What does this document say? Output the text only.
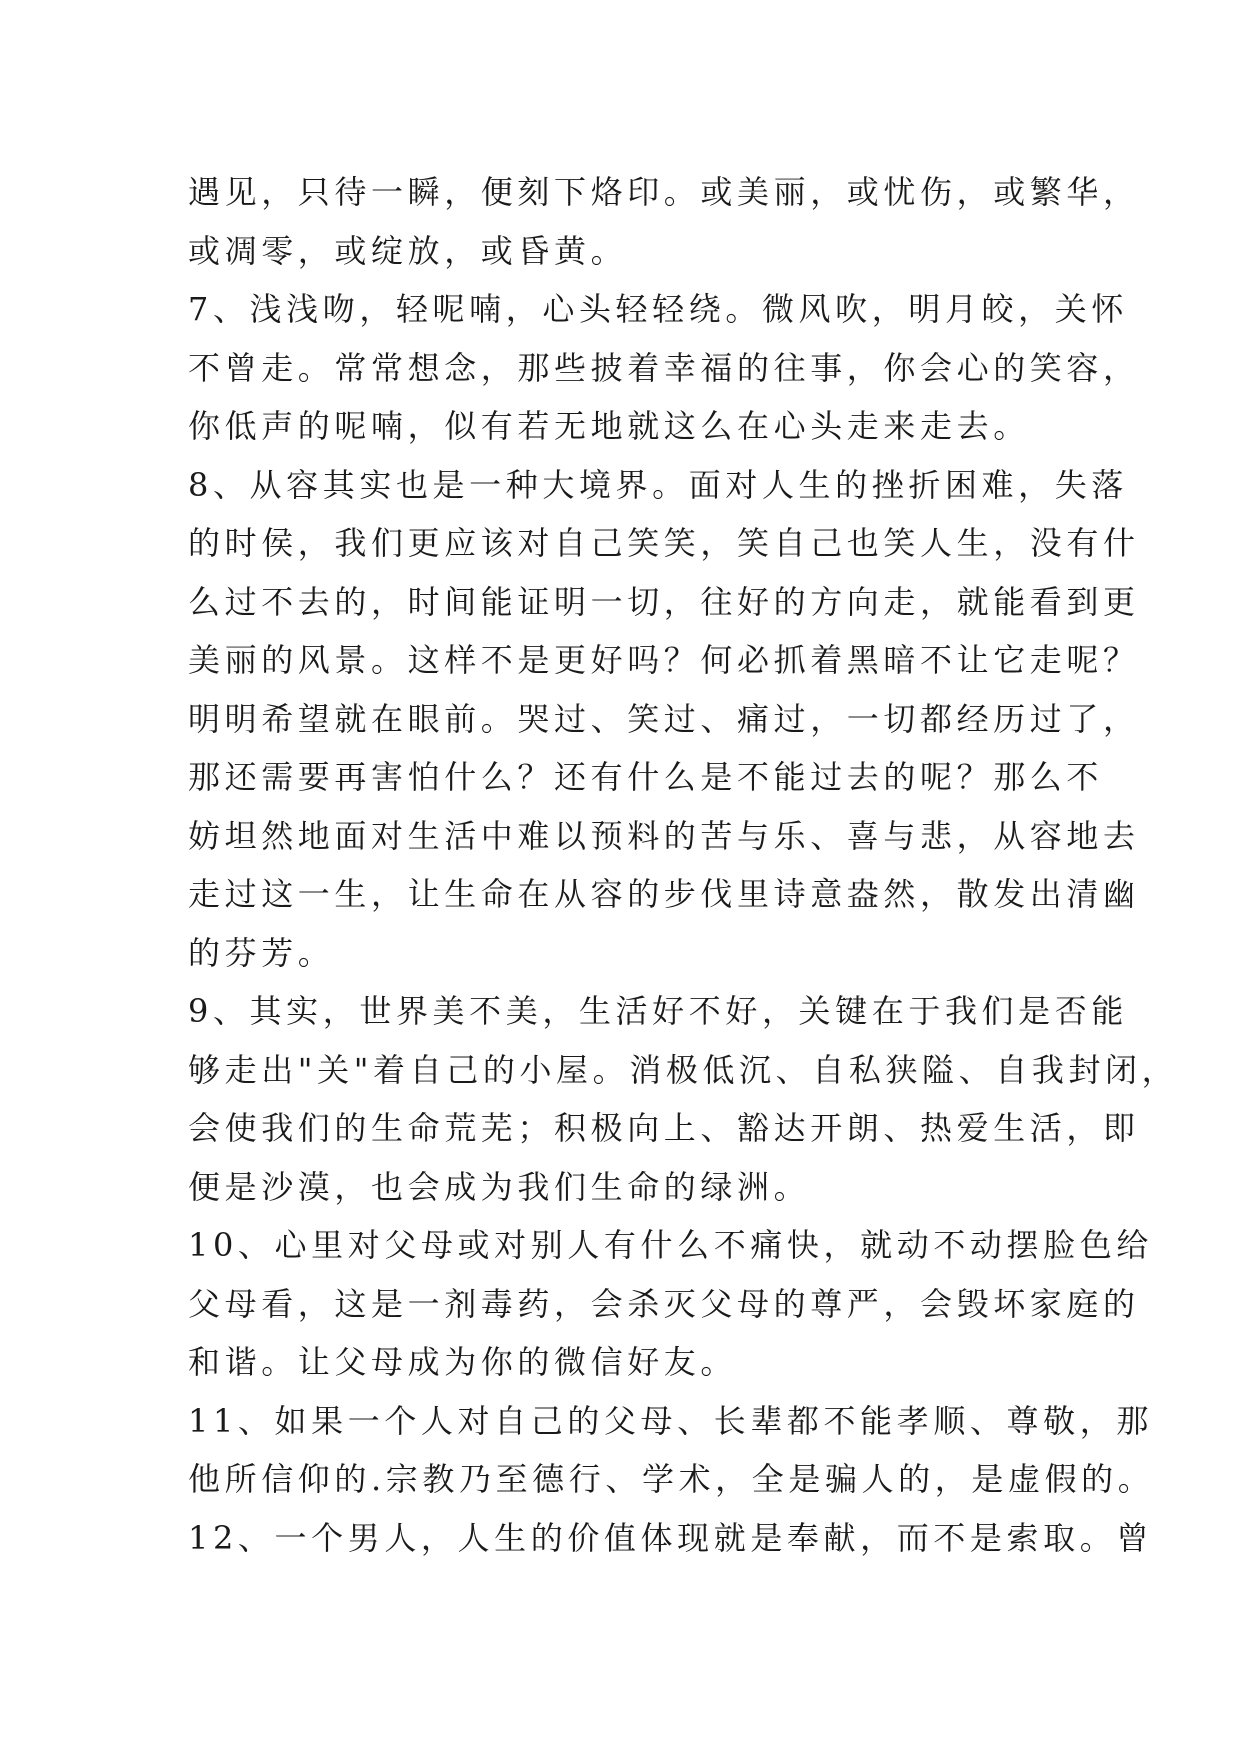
遇见，只待一瞬，便刻下烙印。或美丽，或忧伤，或繁华，
或凋零，或绽放，或昏黄。
7、浅浅吻，轻呢喃，心头轻轻绕。微风吹，明月皎，关怀
不曾走。常常想念，那些披着幸福的往事，你会心的笑容，
你低声的呢喃，似有若无地就这么在心头走来走去。
8、从容其实也是一种大境界。面对人生的挫折困难，失落
的时侯，我们更应该对自己笑笑，笑自己也笑人生，没有什
么过不去的，时间能证明一切，往好的方向走，就能看到更
美丽的风景。这样不是更好吗？何必抓着黑暗不让它走呢？
明明希望就在眼前。哭过、笑过、痛过，一切都经历过了，
那还需要再害怕什么？还有什么是不能过去的呢？那么不
妨坦然地面对生活中难以预料的苦与乐、喜与悲，从容地去
走过这一生，让生命在从容的步伐里诗意盎然，散发出清幽
的芬芳。
9、其实，世界美不美，生活好不好，关键在于我们是否能
够走出"关"着自己的小屋。消极低沉、自私狭隘、自我封闭，
会使我们的生命荒芜；积极向上、豁达开朗、热爱生活，即
便是沙漠，也会成为我们生命的绿洲。
10、心里对父母或对别人有什么不痛快，就动不动摆脸色给
父母看，这是一剂毒药，会杀灭父母的尊严，会毁坏家庭的
和谐。让父母成为你的微信好友。
11、如果一个人对自己的父母、长辈都不能孝顺、尊敬，那
他所信仰的.宗教乃至德行、学术，全是骗人的，是虚假的。
12、一个男人，人生的价值体现就是奉献，而不是索取。曾
